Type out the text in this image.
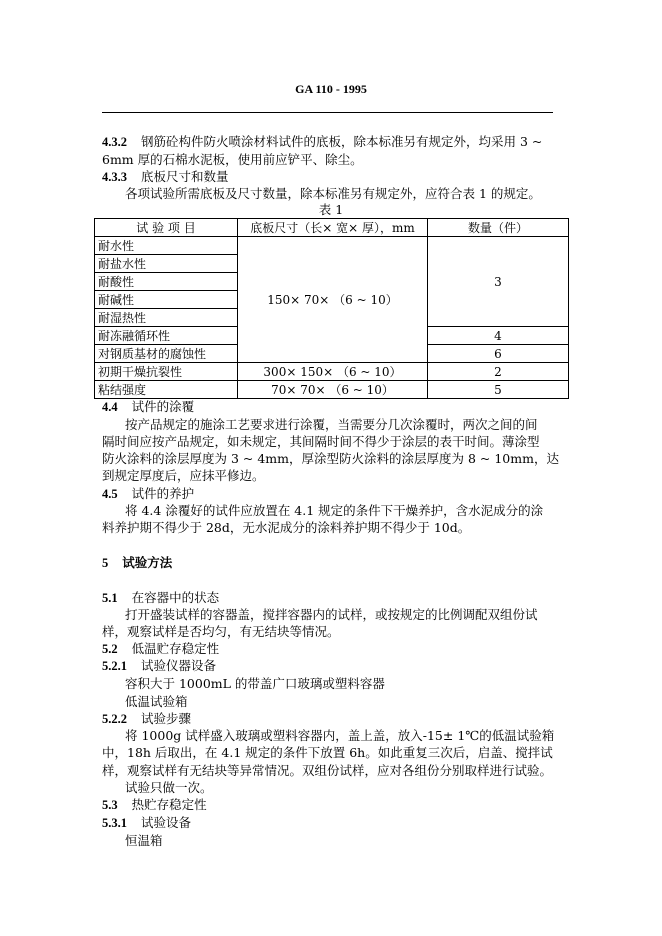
GA 110 - 1995
4.3.2 钢筋砼构件防火喷涂材料试件的底板，除本标准另有规定外，均采用 3 ~
6mm 厚的石棉水泥板，使用前应铲平、除尘。
4.3.3 底板尺寸和数量
各项试验所需底板及尺寸数量，除本标准另有规定外，应符合表 1 的规定。
表 1
试 验 项 目	底板尺寸（长× 宽× 厚），mm	数量（件）
耐水性	150× 70× （6 ~ 10）	3
耐盐水性		
耐酸性		
耐碱性		
耐湿热性		
耐冻融循环性		4
对钢质基材的腐蚀性		6
初期干燥抗裂性	300× 150× （6 ~ 10）	2
粘结强度	70× 70× （6 ~ 10）	5
4.4 试件的涂覆
按产品规定的施涂工艺要求进行涂覆，当需要分几次涂覆时，两次之间的间
隔时间应按产品规定，如未规定，其间隔时间不得少于涂层的表干时间。薄涂型
防火涂料的涂层厚度为 3 ~ 4mm，厚涂型防火涂料的涂层厚度为 8 ~ 10mm，达
到规定厚度后，应抹平修边。
4.5 试件的养护
将 4.4 涂覆好的试件应放置在 4.1 规定的条件下干燥养护，含水泥成分的涂
料养护期不得少于 28d，无水泥成分的涂料养护期不得少于 10d。
5 试验方法
5.1 在容器中的状态
打开盛装试样的容器盖，搅拌容器内的试样，或按规定的比例调配双组份试
样，观察试样是否均匀，有无结块等情况。
5.2 低温贮存稳定性
5.2.1 试验仪器设备
容积大于 1000mL 的带盖广口玻璃或塑料容器
低温试验箱
5.2.2 试验步骤
将 1000g 试样盛入玻璃或塑料容器内，盖上盖，放入-15± 1℃的低温试验箱
中，18h 后取出，在 4.1 规定的条件下放置 6h。如此重复三次后，启盖、搅拌试
样，观察试样有无结块等异常情况。双组份试样，应对各组份分别取样进行试验。
试验只做一次。
5.3 热贮存稳定性
5.3.1 试验设备
恒温箱
